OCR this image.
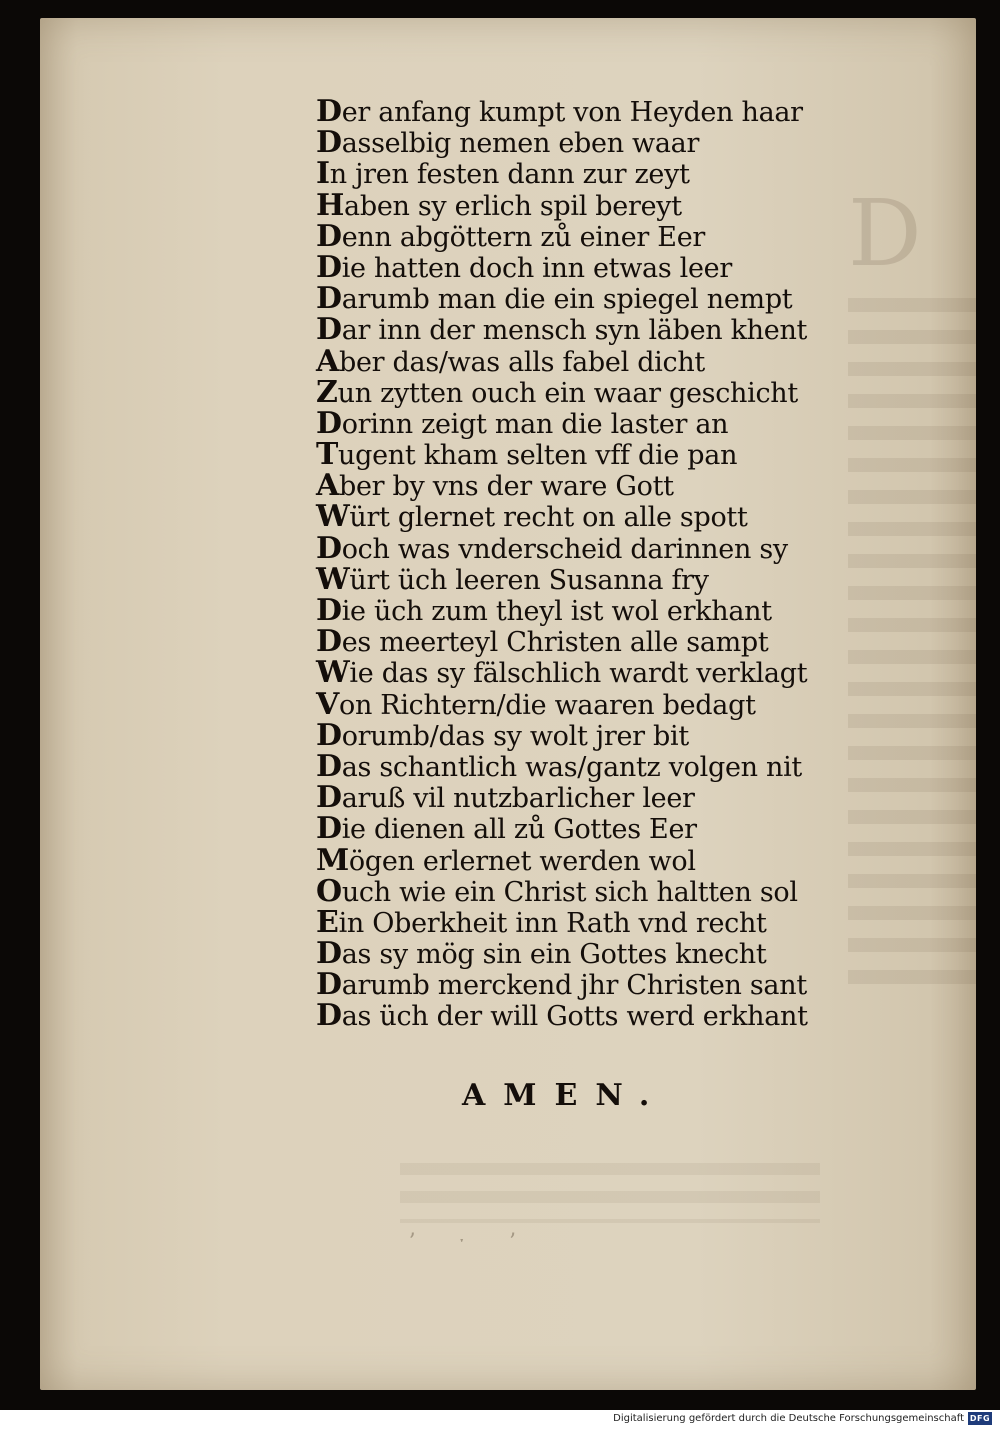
D
ʼ ˑ ʼ
Der anfang kumpt von Heyden haar
Dasselbig nemen eben waar
In jren festen dann zur zeyt
Haben sy erlich spil bereyt
Denn abgöttern zů einer Eer
Die hatten doch inn etwas leer
Darumb man die ein spiegel nempt
Dar inn der mensch syn läben khent
Aber das/was alls fabel dicht
Zun zytten ouch ein waar geschicht
Dorinn zeigt man die laster an
Tugent kham selten vff die pan
Aber by vns der ware Gott
Würt glernet recht on alle spott
Doch was vnderscheid darinnen sy
Würt üch leeren Susanna fry
Die üch zum theyl ist wol erkhant
Des meerteyl Christen alle sampt
Wie das sy fälschlich wardt verklagt
Von Richtern/die waaren bedagt
Dorumb/das sy wolt jrer bit
Das schantlich was/gantz volgen nit
Daruß vil nutzbarlicher leer
Die dienen all zů Gottes Eer
Mögen erlernet werden wol
Ouch wie ein Christ sich haltten sol
Ein Oberkheit inn Rath vnd recht
Das sy mög sin ein Gottes knecht
Darumb merckend jhr Christen sant
Das üch der will Gotts werd erkhant
AMEN.
Digitalisierung gefördert durch die Deutsche Forschungsgemeinschaft DFG
